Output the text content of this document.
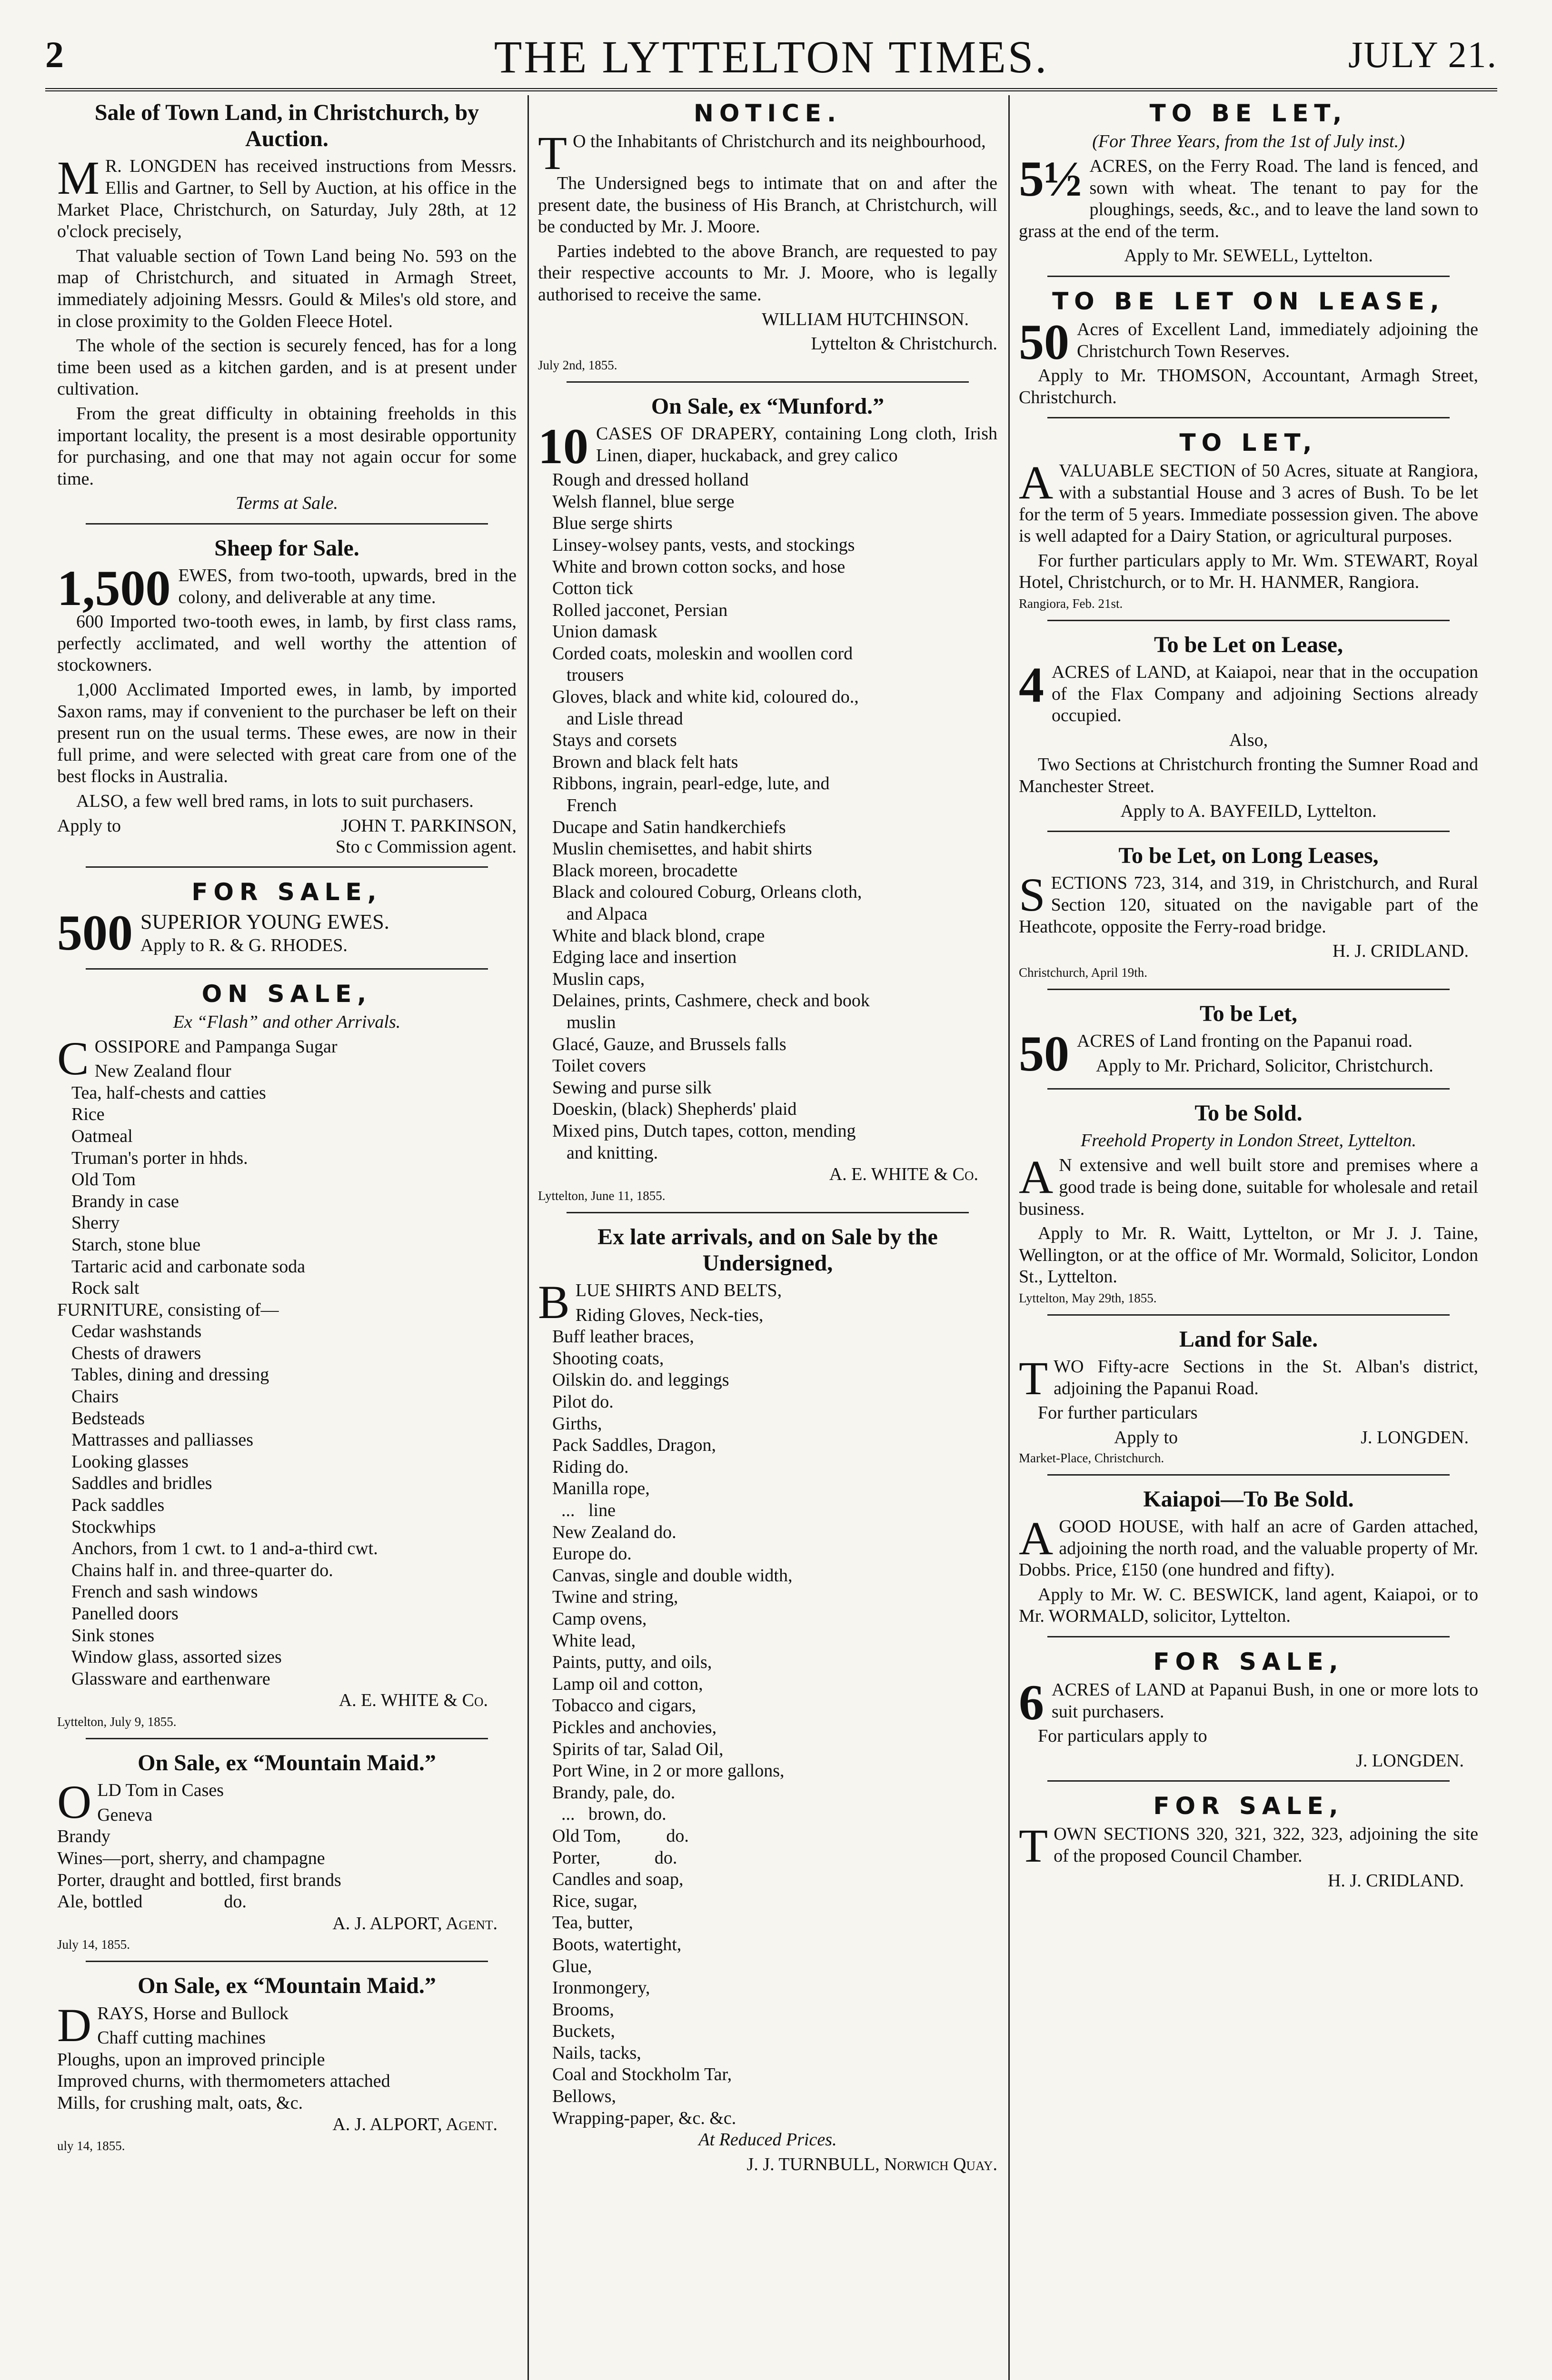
THE LYTTELTON TIMES.
2	JULY 21.
Sale of Town Land, in Christchurch, by
Auction.

M R. LONGDEN has received instructions from Messrs. Ellis and Gartner, to Sell by Auction, at his office in the Market Place, Christchurch, on Saturday, July 28th, at 12 o'clock precisely,

That valuable section of Town Land being No. 593 on the map of Christchurch, and situated in Armagh Street, immediately adjoining Messrs. Gould & Miles's old store, and in close proximity to the Golden Fleece Hotel.

The whole of the section is securely fenced, has for a long time been used as a kitchen garden, and is at present under cultivation.

From the great difficulty in obtaining freeholds in this important locality, the present is a most desirable opportunity for purchasing, and one that may not again occur for some time.

Terms at Sale.

Sheep for Sale.

1,500 EWES, from two-tooth, upwards, bred in the colony, and deliverable at any time.

600 Imported two-tooth ewes, in lamb, by first class rams, perfectly acclimated, and well worthy the attention of stockowners.

1,000 Acclimated Imported ewes, in lamb, by imported Saxon rams, may if convenient to the purchaser be left on their present run on the usual terms. These ewes, are now in their full prime, and were selected with great care from one of the best flocks in Australia.

ALSO, a few well bred rams, in lots to suit purchasers.

Apply to	JOHN T. PARKINSON,

Sto c Commission agent.

FOR SALE,

500 SUPERIOR YOUNG EWES.
Apply to R. & G. RHODES.

ON SALE,
Ex “Flash” and other Arrivals.

COSSIPORE and Pampanga Sugar

New Zealand flour
Tea, half-chests and catties
Rice
Oatmeal
Truman's porter in hhds.
Old Tom
Brandy in case
Sherry
Starch, stone blue
Tartaric acid and carbonate soda
Rock salt
FURNITURE, consisting of—
Cedar washstands
Chests of drawers
Tables, dining and dressing
Chairs
Bedsteads
Mattrasses and palliasses
Looking glasses
Saddles and bridles
Pack saddles
Stockwhips
Anchors, from 1 cwt. to 1 and-a-third cwt.
Chains half in. and three-quarter do.
French and sash windows
Panelled doors
Sink stones
Window glass, assorted sizes
Glassware and earthenware

A. E. WHITE & Co.

Lyttelton, July 9, 1855.
On Sale, ex “Mountain Maid.”

OLD Tom in Cases

Geneva
Brandy
Wines—port, sherry, and champagne
Porter, draught and bottled, first brands
Ale, bottled                  do.

A. J. ALPORT, Agent.

July 14, 1855.
On Sale, ex “Mountain Maid.”

DRAYS, Horse and Bullock

Chaff cutting machines
Ploughs, upon an improved principle
Improved churns, with thermometers attached
Mills, for crushing malt, oats, &c.

A. J. ALPORT, Agent.

uly 14, 1855.
NOTICE.

T O the Inhabitants of Christchurch and its neighbourhood,

The Undersigned begs to intimate that on and after the present date, the business of His Branch, at Christchurch, will be conducted by Mr. J. Moore.

Parties indebted to the above Branch, are requested to pay their respective accounts to Mr. J. Moore, who is legally authorised to receive the same.

WILLIAM HUTCHINSON.

Lyttelton & Christchurch.

July 2nd, 1855.
On Sale, ex “Munford.”

10 CASES OF DRAPERY, containing Long cloth, Irish Linen, diaper, huckaback, and grey calico

Rough and dressed holland
Welsh flannel, blue serge
Blue serge shirts
Linsey-wolsey pants, vests, and stockings
White and brown cotton socks, and hose
Cotton tick
Rolled jacconet, Persian
Union damask
Corded coats, moleskin and woollen cord
trousers
Gloves, black and white kid, coloured do.,
and Lisle thread
Stays and corsets
Brown and black felt hats
Ribbons, ingrain, pearl-edge, lute, and
French
Ducape and Satin handkerchiefs
Muslin chemisettes, and habit shirts
Black moreen, brocadette
Black and coloured Coburg, Orleans cloth,
and Alpaca
White and black blond, crape
Edging lace and insertion
Muslin caps,
Delaines, prints, Cashmere, check and book
muslin
Glacé, Gauze, and Brussels falls
Toilet covers
Sewing and purse silk
Doeskin, (black) Shepherds' plaid
Mixed pins, Dutch tapes, cotton, mending
and knitting.

A. E. WHITE & Co.

Lyttelton, June 11, 1855.
Ex late arrivals, and on Sale by the
Undersigned,

BLUE SHIRTS AND BELTS,

Riding Gloves, Neck-ties,
Buff leather braces,
Shooting coats,
Oilskin do. and leggings
Pilot do.
Girths,
Pack Saddles, Dragon,
Riding do.
Manilla rope,
...   line
New Zealand do.
Europe do.
Canvas, single and double width,
Twine and string,
Camp ovens,
White lead,
Paints, putty, and oils,
Lamp oil and cotton,
Tobacco and cigars,
Pickles and anchovies,
Spirits of tar, Salad Oil,
Port Wine, in 2 or more gallons,
Brandy, pale, do.
...   brown, do.
Old Tom,          do.
Porter,            do.
Candles and soap,
Rice, sugar,
Tea, butter,
Boots, watertight,
Glue,
Ironmongery,
Brooms,
Buckets,
Nails, tacks,
Coal and Stockholm Tar,
Bellows,
Wrapping-paper, &c. &c.

At Reduced Prices.

J. J. TURNBULL, Norwich Quay.

TO BE LET,
(For Three Years, from the 1st of July inst.)

5½ ACRES, on the Ferry Road. The land is fenced, and sown with wheat. The tenant to pay for the ploughings, seeds, &c., and to leave the land sown to grass at the end of the term.

Apply to Mr. SEWELL, Lyttelton.

TO BE LET ON LEASE,

50 Acres of Excellent Land, immediately adjoining the Christchurch Town Reserves.

Apply to Mr. THOMSON, Accountant, Armagh Street, Christchurch.

TO LET,

AVALUABLE SECTION of 50 Acres, situate at Rangiora, with a substantial House and 3 acres of Bush. To be let for the term of 5 years. Immediate possession given. The above is well adapted for a Dairy Station, or agricultural purposes.

For further particulars apply to Mr. Wm. STEWART, Royal Hotel, Christchurch, or to Mr. H. HANMER, Rangiora.

Rangiora, Feb. 21st.
To be Let on Lease,

4 ACRES of LAND, at Kaiapoi, near that in the occupation of the Flax Company and adjoining Sections already occupied.

Also,

Two Sections at Christchurch fronting the Sumner Road and Manchester Street.

Apply to A. BAYFEILD, Lyttelton.

To be Let, on Long Leases,

SECTIONS 723, 314, and 319, in Christchurch, and Rural Section 120, situated on the navigable part of the Heathcote, opposite the Ferry-road bridge.

H. J. CRIDLAND.

Christchurch, April 19th.
To be Let,

50 ACRES of Land fronting on the Papanui road.

Apply to Mr. Prichard, Solicitor, Christchurch.

To be Sold.
Freehold Property in London Street, Lyttelton.

A N extensive and well built store and premises where a good trade is being done, suitable for wholesale and retail business.

Apply to Mr. R. Waitt, Lyttelton, or Mr J. J. Taine, Wellington, or at the office of Mr. Wormald, Solicitor, London St., Lyttelton.

Lyttelton, May 29th, 1855.
Land for Sale.

TWO Fifty-acre Sections in the St. Alban's district, adjoining the Papanui Road.

For further particulars

Apply to	J. LONGDEN.
Market-Place, Christchurch.
Kaiapoi—To Be Sold.

AGOOD HOUSE, with half an acre of Garden attached, adjoining the north road, and the valuable property of Mr. Dobbs. Price, £150 (one hundred and fifty).

Apply to Mr. W. C. BESWICK, land agent, Kaiapoi, or to Mr. WORMALD, solicitor, Lyttelton.

FOR SALE,

6 ACRES of LAND at Papanui Bush, in one or more lots to suit purchasers.

For particulars apply to

J. LONGDEN.

FOR SALE,

TOWN SECTIONS 320, 321, 322, 323, adjoining the site of the proposed Council Chamber.

H. J. CRIDLAND.
